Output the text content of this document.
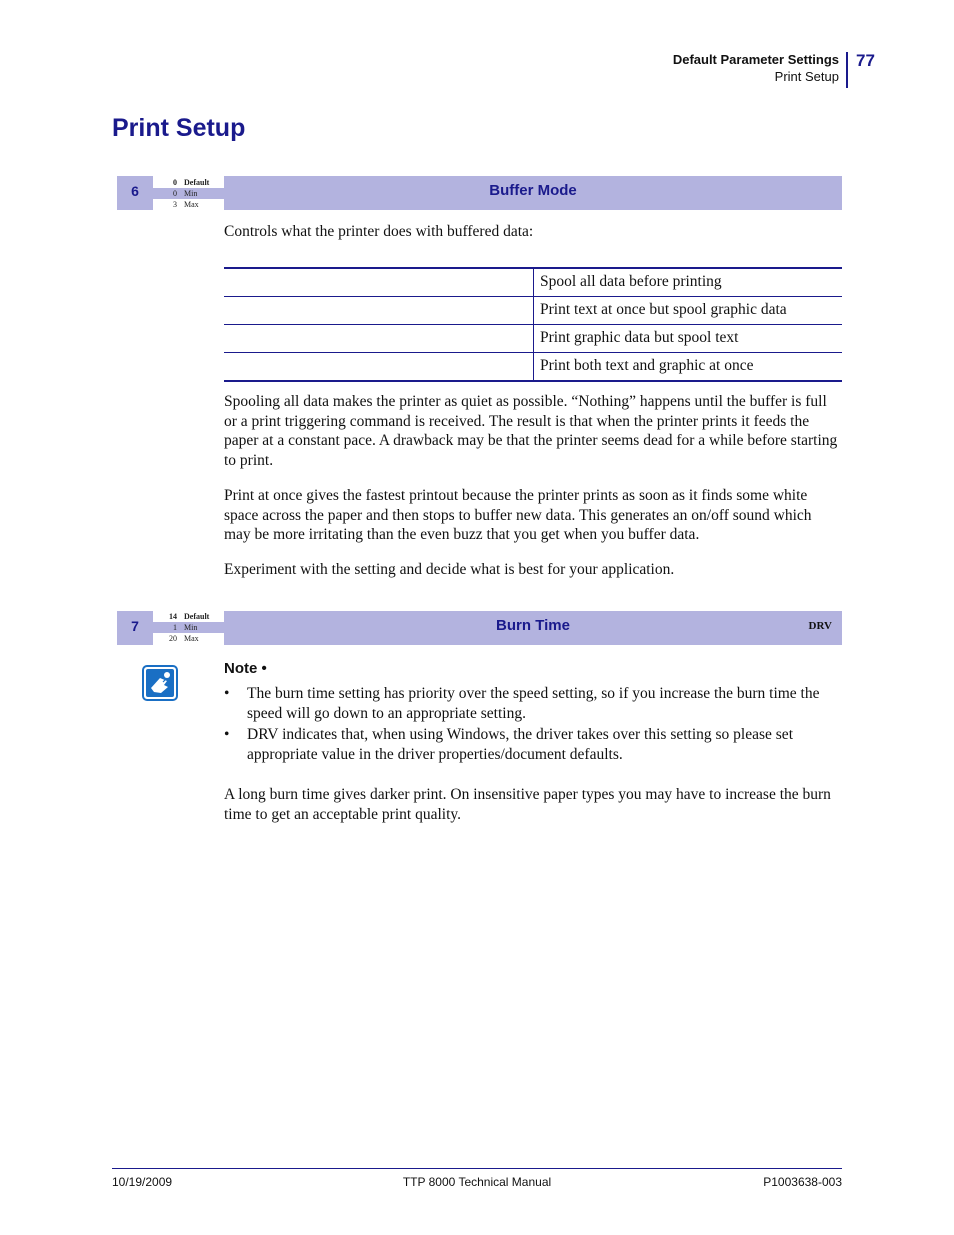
Default Parameter Settings
Print Setup
77
Print Setup
6
0 Default
0 Min
3 Max
Buffer Mode
Controls what the printer does with buffered data:
Spool all data before printing
Print text at once but spool graphic data
Print graphic data but spool text
Print both text and graphic at once
Spooling all data makes the printer as quiet as possible. “Nothing” happens until the buffer is full or a print triggering command is received. The result is that when the printer prints it feeds the paper at a constant pace. A drawback may be that the printer seems dead for a while before starting to print.
Print at once gives the fastest printout because the printer prints as soon as it finds some white space across the paper and then stops to buffer new data. This generates an on/off sound which may be more irritating than the even buzz that you get when you buffer data.
Experiment with the setting and decide what is best for your application.
7
14 Default
1 Min
20 Max
Burn Time	DRV
Note •
• The burn time setting has priority over the speed setting, so if you increase the burn time the speed will go down to an appropriate setting.
• DRV indicates that, when using Windows, the driver takes over this setting so please set appropriate value in the driver properties/document defaults.
A long burn time gives darker print. On insensitive paper types you may have to increase the burn time to get an acceptable print quality.
10/19/2009	TTP 8000 Technical Manual	P1003638-003
